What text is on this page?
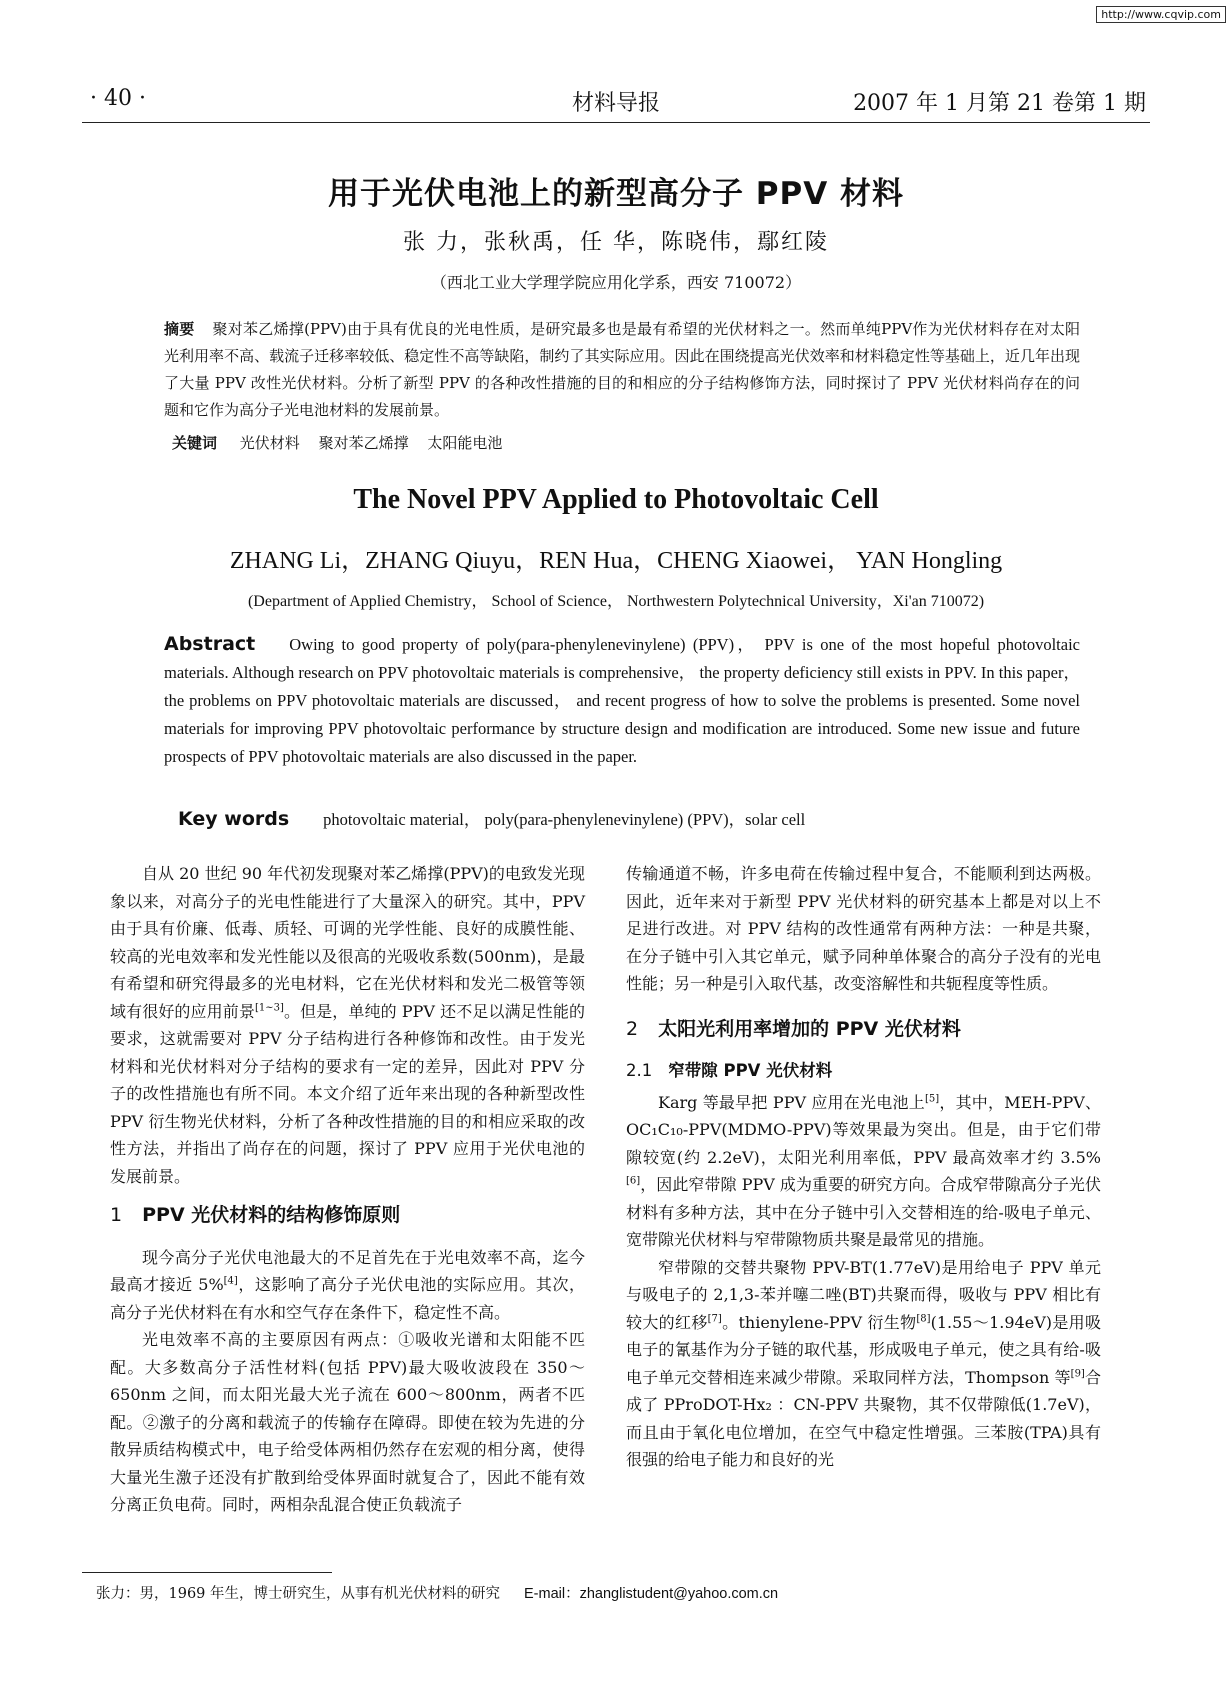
http://www.cqvip.com
· 40 ·	材料导报	2007 年 1 月第 21 卷第 1 期
用于光伏电池上的新型高分子 PPV 材料
张 力，张秋禹，任 华，陈晓伟，鄢红陵
（西北工业大学理学院应用化学系，西安 710072）
摘要 聚对苯乙烯撑(PPV)由于具有优良的光电性质，是研究最多也是最有希望的光伏材料之一。然而单纯PPV作为光伏材料存在对太阳光利用率不高、载流子迁移率较低、稳定性不高等缺陷，制约了其实际应用。因此在围绕提高光伏效率和材料稳定性等基础上，近几年出现了大量 PPV 改性光伏材料。分析了新型 PPV 的各种改性措施的目的和相应的分子结构修饰方法，同时探讨了 PPV 光伏材料尚存在的问题和它作为高分子光电池材料的发展前景。
关键词 光伏材料 聚对苯乙烯撑 太阳能电池
The Novel PPV Applied to Photovoltaic Cell
ZHANG Li，ZHANG Qiuyu，REN Hua，CHENG Xiaowei， YAN Hongling
(Department of Applied Chemistry， School of Science， Northwestern Polytechnical University，Xi'an 710072)
Abstract Owing to good property of poly(para-phenylenevinylene) (PPV)， PPV is one of the most hopeful photovoltaic materials. Although research on PPV photovoltaic materials is comprehensive， the property deficiency still exists in PPV. In this paper，the problems on PPV photovoltaic materials are discussed， and recent progress of how to solve the problems is presented. Some novel materials for improving PPV photovoltaic performance by structure design and modification are introduced. Some new issue and future prospects of PPV photovoltaic materials are also discussed in the paper.
Key words photovoltaic material， poly(para-phenylenevinylene) (PPV)，solar cell

自从 20 世纪 90 年代初发现聚对苯乙烯撑(PPV)的电致发光现象以来，对高分子的光电性能进行了大量深入的研究。其中，PPV 由于具有价廉、低毒、质轻、可调的光学性能、良好的成膜性能、较高的光电效率和发光性能以及很高的光吸收系数(500nm)，是最有希望和研究得最多的光电材料，它在光伏材料和发光二极管等领域有很好的应用前景[1~3]。但是，单纯的 PPV 还不足以满足性能的要求，这就需要对 PPV 分子结构进行各种修饰和改性。由于发光材料和光伏材料对分子结构的要求有一定的差异，因此对 PPV 分子的改性措施也有所不同。本文介绍了近年来出现的各种新型改性 PPV 衍生物光伏材料，分析了各种改性措施的目的和相应采取的改性方法，并指出了尚存在的问题，探讨了 PPV 应用于光伏电池的发展前景。

1 PPV 光伏材料的结构修饰原则

现今高分子光伏电池最大的不足首先在于光电效率不高，迄今最高才接近 5%[4]，这影响了高分子光伏电池的实际应用。其次，高分子光伏材料在有水和空气存在条件下，稳定性不高。

光电效率不高的主要原因有两点：①吸收光谱和太阳能不匹配。大多数高分子活性材料(包括 PPV)最大吸收波段在 350～650nm 之间，而太阳光最大光子流在 600～800nm，两者不匹配。②激子的分离和载流子的传输存在障碍。即使在较为先进的分散异质结构模式中，电子给受体两相仍然存在宏观的相分离，使得大量光生激子还没有扩散到给受体界面时就复合了，因此不能有效分离正负电荷。同时，两相杂乱混合使正负载流子

传输通道不畅，许多电荷在传输过程中复合，不能顺利到达两极。因此，近年来对于新型 PPV 光伏材料的研究基本上都是对以上不足进行改进。对 PPV 结构的改性通常有两种方法：一种是共聚，在分子链中引入其它单元，赋予同种单体聚合的高分子没有的光电性能；另一种是引入取代基，改变溶解性和共轭程度等性质。

2 太阳光利用率增加的 PPV 光伏材料
2.1 窄带隙 PPV 光伏材料

Karg 等最早把 PPV 应用在光电池上[5]，其中，MEH-PPV、OC₁C₁₀-PPV(MDMO-PPV)等效果最为突出。但是，由于它们带隙较宽(约 2.2eV)，太阳光利用率低，PPV 最高效率才约 3.5%[6]，因此窄带隙 PPV 成为重要的研究方向。合成窄带隙高分子光伏材料有多种方法，其中在分子链中引入交替相连的给-吸电子单元、宽带隙光伏材料与窄带隙物质共聚是最常见的措施。

窄带隙的交替共聚物 PPV-BT(1.77eV)是用给电子 PPV 单元与吸电子的 2,1,3-苯并噻二唑(BT)共聚而得，吸收与 PPV 相比有较大的红移[7]。thienylene-PPV 衍生物[8](1.55～1.94eV)是用吸电子的氰基作为分子链的取代基，形成吸电子单元，使之具有给-吸电子单元交替相连来减少带隙。采取同样方法，Thompson 等[9]合成了 PProDOT-Hx₂ ：CN-PPV 共聚物，其不仅带隙低(1.7eV)，而且由于氧化电位增加，在空气中稳定性增强。三苯胺(TPA)具有很强的给电子能力和良好的光

张力：男，1969 年生，博士研究生，从事有机光伏材料的研究 E-mail：zhanglistudent@yahoo.com.cn
